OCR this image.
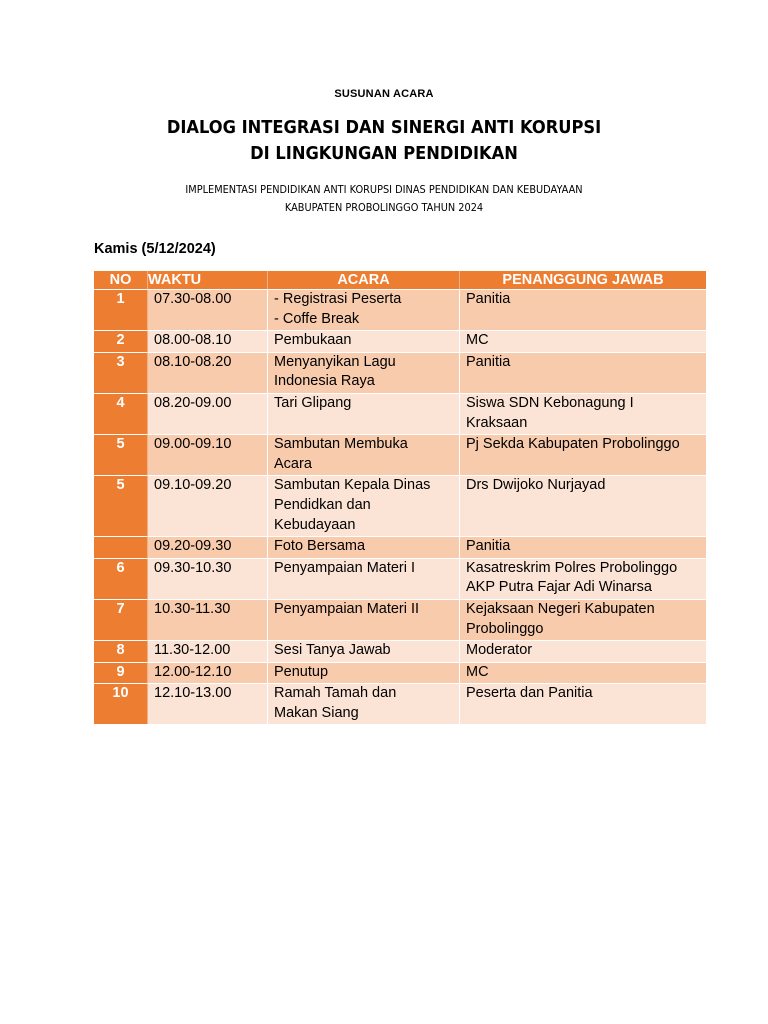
SUSUNAN ACARA
DIALOG INTEGRASI DAN SINERGI ANTI KORUPSI
DI LINGKUNGAN PENDIDIKAN
IMPLEMENTASI PENDIDIKAN ANTI KORUPSI DINAS PENDIDIKAN DAN KEBUDAYAAN
KABUPATEN PROBOLINGGO TAHUN 2024
Kamis (5/12/2024)
NO	WAKTU	ACARA	PENANGGUNG JAWAB
1	07.30-08.00	- Registrasi Peserta
- Coffe Break	Panitia

2	08.00-08.10	Pembukaan	MC

3	08.10-08.20	Menyanyikan Lagu
Indonesia Raya	Panitia

4	08.20-09.00	Tari Glipang	Siswa SDN Kebonagung I
Kraksaan

5	09.00-09.10	Sambutan Membuka
Acara	Pj Sekda Kabupaten Probolinggo

5	09.10-09.20	Sambutan Kepala Dinas
Pendidkan dan
Kebudayaan	Drs Dwijoko Nurjayad

	09.20-09.30	Foto Bersama	Panitia

6	09.30-10.30	Penyampaian Materi I	Kasatreskrim Polres Probolinggo
AKP Putra Fajar Adi Winarsa

7	10.30-11.30	Penyampaian Materi II	Kejaksaan Negeri Kabupaten
Probolinggo

8	11.30-12.00	Sesi Tanya Jawab	Moderator

9	12.00-12.10	Penutup	MC

10	12.10-13.00	Ramah Tamah dan
Makan Siang	Peserta dan Panitia
